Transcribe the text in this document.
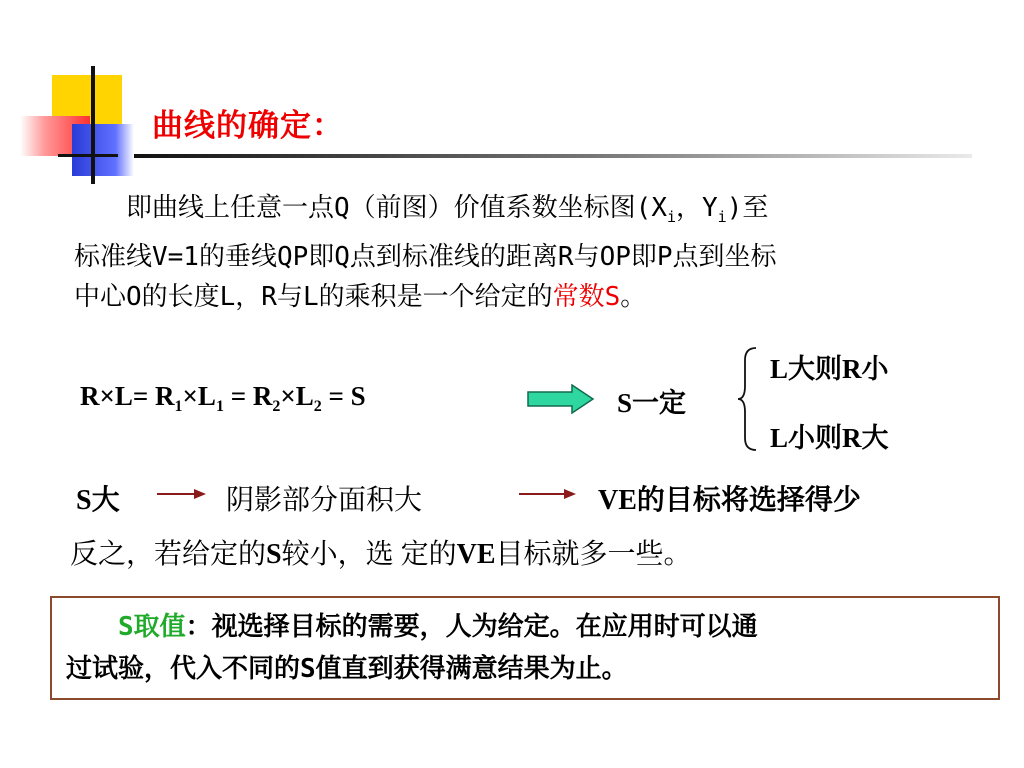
曲线的确定：
　　即曲线上任意一点Q（前图）价值系数坐标图($X_i$，$Y_i$)至
标准线V=1的垂线QP即Q点到标准线的距离R与OP即P点到坐标
中心O的长度L，R与L的乘积是一个给定的常数S。
$R\times L= R_1\times L_1 = R_2\times L_2 = S$	S一定
L大则R小
L小则R大
S大	阴影部分面积大	VE的目标将选择得少
反之，若给定的S较小，选 定的VE目标就多一些。
　　S取值：视选择目标的需要，人为给定。在应用时可以通
过试验，代入不同的S值直到获得满意结果为止。
